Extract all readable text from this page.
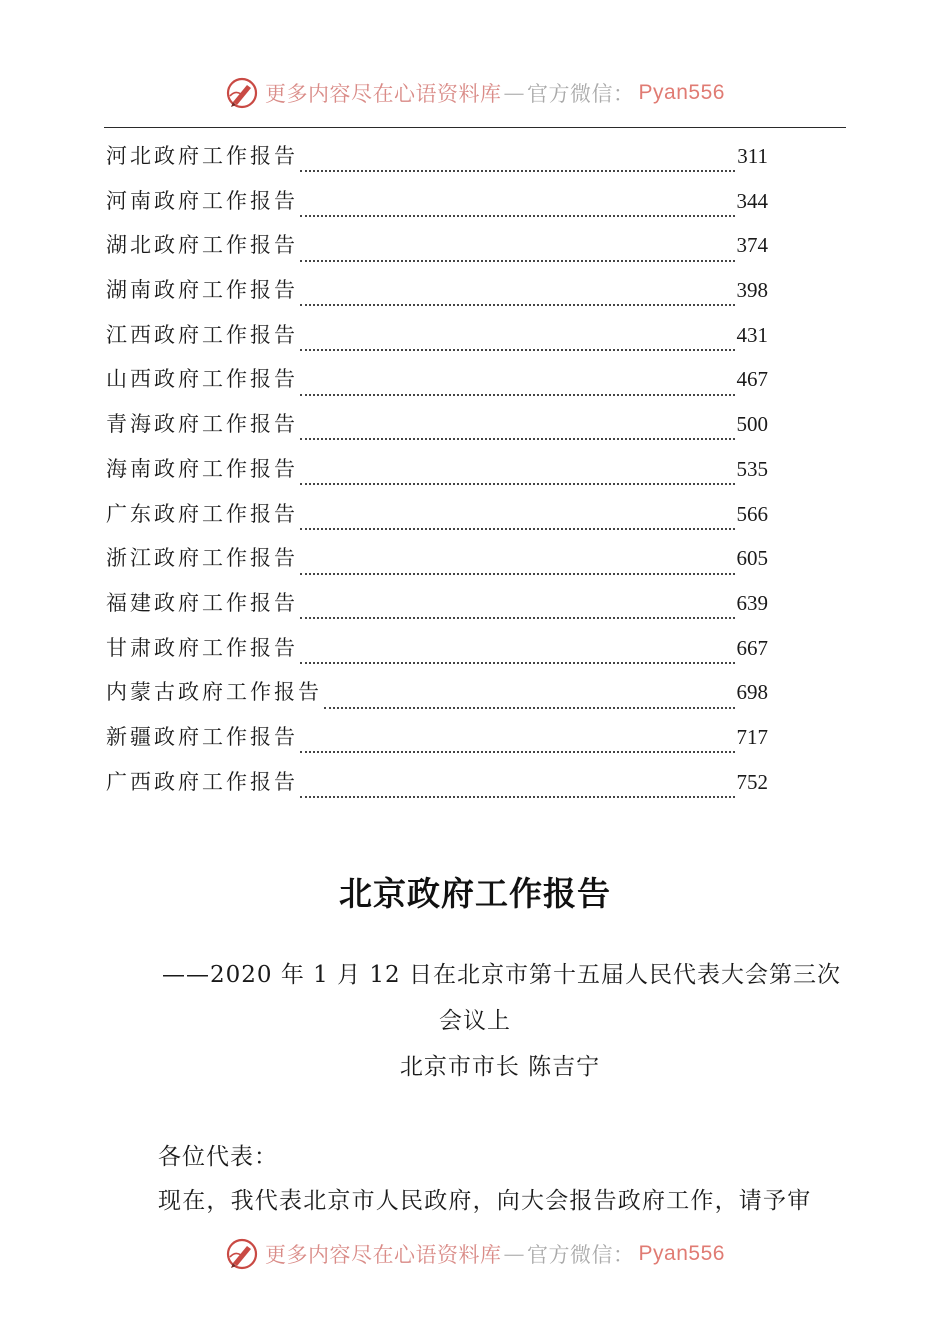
更多内容尽在心语资料库 — 官方微信： Pyan556
河北政府工作报告	311
河南政府工作报告	344
湖北政府工作报告	374
湖南政府工作报告	398
江西政府工作报告	431
山西政府工作报告	467
青海政府工作报告	500
海南政府工作报告	535
广东政府工作报告	566
浙江政府工作报告	605
福建政府工作报告	639
甘肃政府工作报告	667
内蒙古政府工作报告	698
新疆政府工作报告	717
广西政府工作报告	752
北京政府工作报告
——2020 年 1 月 12 日在北京市第十五届人民代表大会第三次
会议上
北京市市长 陈吉宁
各位代表：
现在，我代表北京市人民政府，向大会报告政府工作，请予审
更多内容尽在心语资料库 — 官方微信： Pyan556
